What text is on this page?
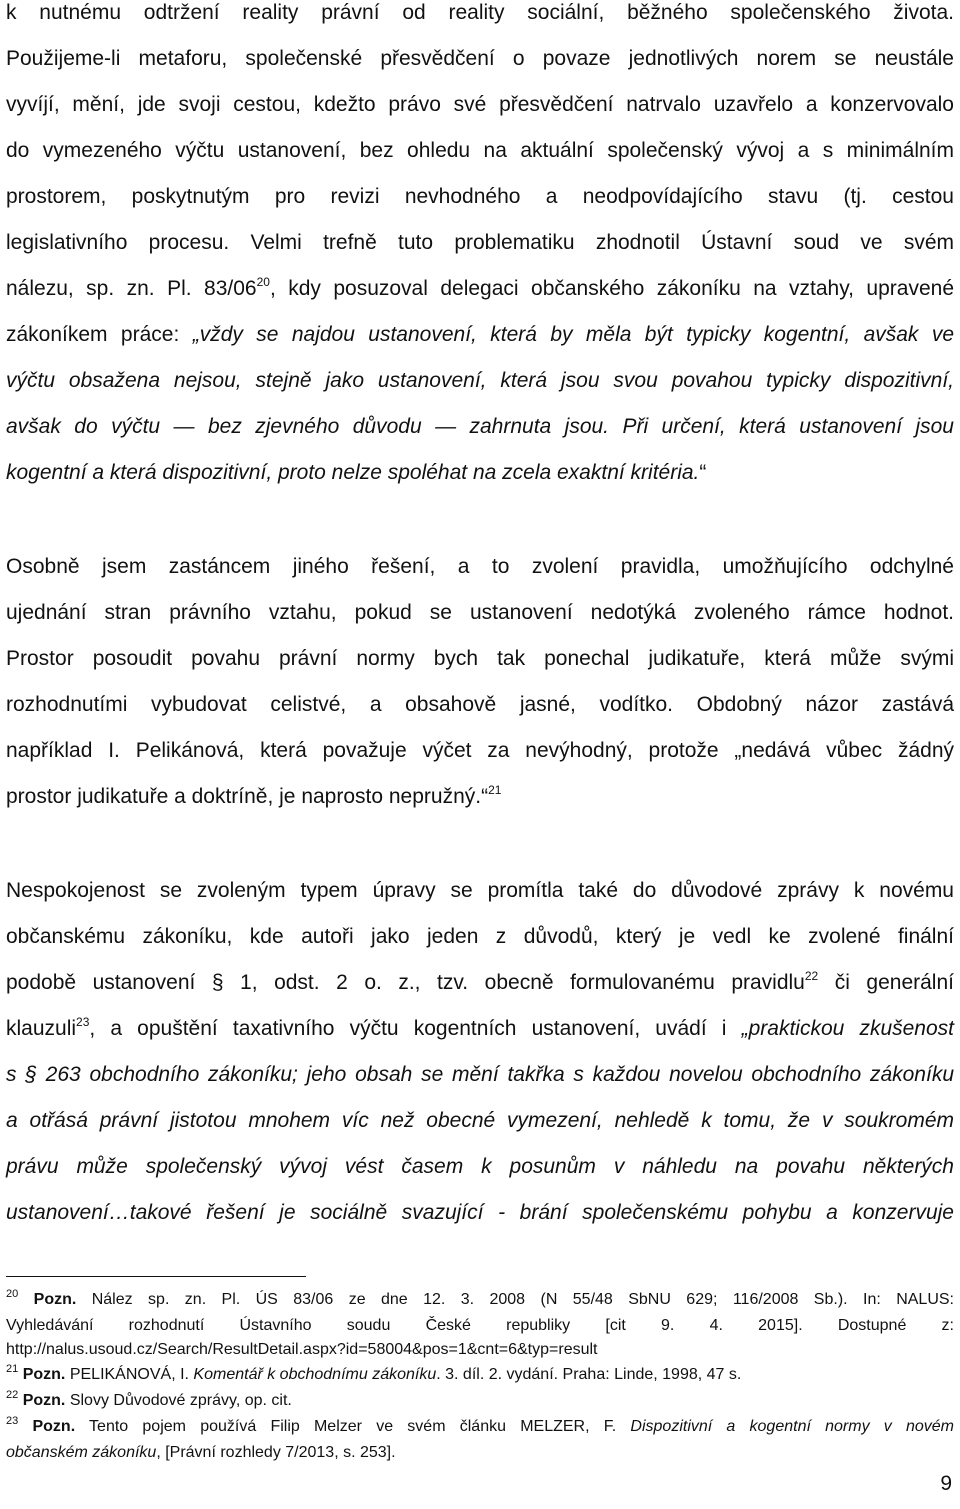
k nutnému odtržení reality právní od reality sociální, běžného společenského života.
Použijeme-li metaforu, společenské přesvědčení o povaze jednotlivých norem se neustále
vyvíjí, mění, jde svoji cestou, kdežto právo své přesvědčení natrvalo uzavřelo a konzervovalo
do vymezeného výčtu ustanovení, bez ohledu na aktuální společenský vývoj a s minimálním
prostorem, poskytnutým pro revizi nevhodného a neodpovídajícího stavu (tj. cestou
legislativního procesu. Velmi trefně tuto problematiku zhodnotil Ústavní soud ve svém
nálezu, sp. zn. Pl. $83/06^{20}$, kdy posuzoval delegaci občanského zákoníku na vztahy, upravené
zákoníkem práce: „vždy se najdou ustanovení, která by měla být typicky kogentní, avšak ve
výčtu obsažena nejsou, stejně jako ustanovení, která jsou svou povahou typicky dispozitivní,
avšak do výčtu — bez zjevného důvodu — zahrnuta jsou. Při určení, která ustanovení jsou
kogentní a která dispozitivní, proto nelze spoléhat na zcela exaktní kritéria.“
Osobně jsem zastáncem jiného řešení, a to zvolení pravidla, umožňujícího odchylné
ujednání stran právního vztahu, pokud se ustanovení nedotýká zvoleného rámce hodnot.
Prostor posoudit povahu právní normy bych tak ponechal judikatuře, která může svými
rozhodnutími vybudovat celistvé, a obsahově jasné, vodítko. Obdobný názor zastává
například I. Pelikánová, která považuje výčet za nevýhodný, protože „nedává vůbec žádný
prostor judikatuře a doktríně, je naprosto nepružný.“$^{21}$
Nespokojenost se zvoleným typem úpravy se promítla také do důvodové zprávy k novému
občanskému zákoníku, kde autoři jako jeden z důvodů, který je vedl ke zvolené finální
podobě ustanovení § 1, odst. 2 o. z., tzv. obecně formulovanému pravidlu$^{22}$ či generální
klauzuli$^{23}$, a opuštění taxativního výčtu kogentních ustanovení, uvádí i „praktickou zkušenost
s § 263 obchodního zákoníku; jeho obsah se mění takřka s každou novelou obchodního zákoníku
a otřásá právní jistotou mnohem víc než obecné vymezení, nehledě k tomu, že v soukromém
právu může společenský vývoj vést časem k posunům v náhledu na povahu některých
ustanovení…takové řešení je sociálně svazující - brání společenskému pohybu a konzervuje
$^{20}$ Pozn. Nález sp. zn. Pl. ÚS 83/06 ze dne 12. 3. 2008 (N 55/48 SbNU 629; 116/2008 Sb.). In: NALUS:
Vyhledávání rozhodnutí Ústavního soudu České republiky [cit 9. 4. 2015]. Dostupné z:
http://nalus.usoud.cz/Search/ResultDetail.aspx?id=58004&pos=1&cnt=6&typ=result
$^{21}$ Pozn. PELIKÁNOVÁ, I. Komentář k obchodnímu zákoníku. 3. díl. 2. vydání. Praha: Linde, 1998, 47 s.
$^{22}$ Pozn. Slovy Důvodové zprávy, op. cit.
$^{23}$ Pozn. Tento pojem používá Filip Melzer ve svém článku MELZER, F. Dispozitivní a kogentní normy v novém
občanském zákoníku, [Právní rozhledy 7/2013, s. 253].
9
